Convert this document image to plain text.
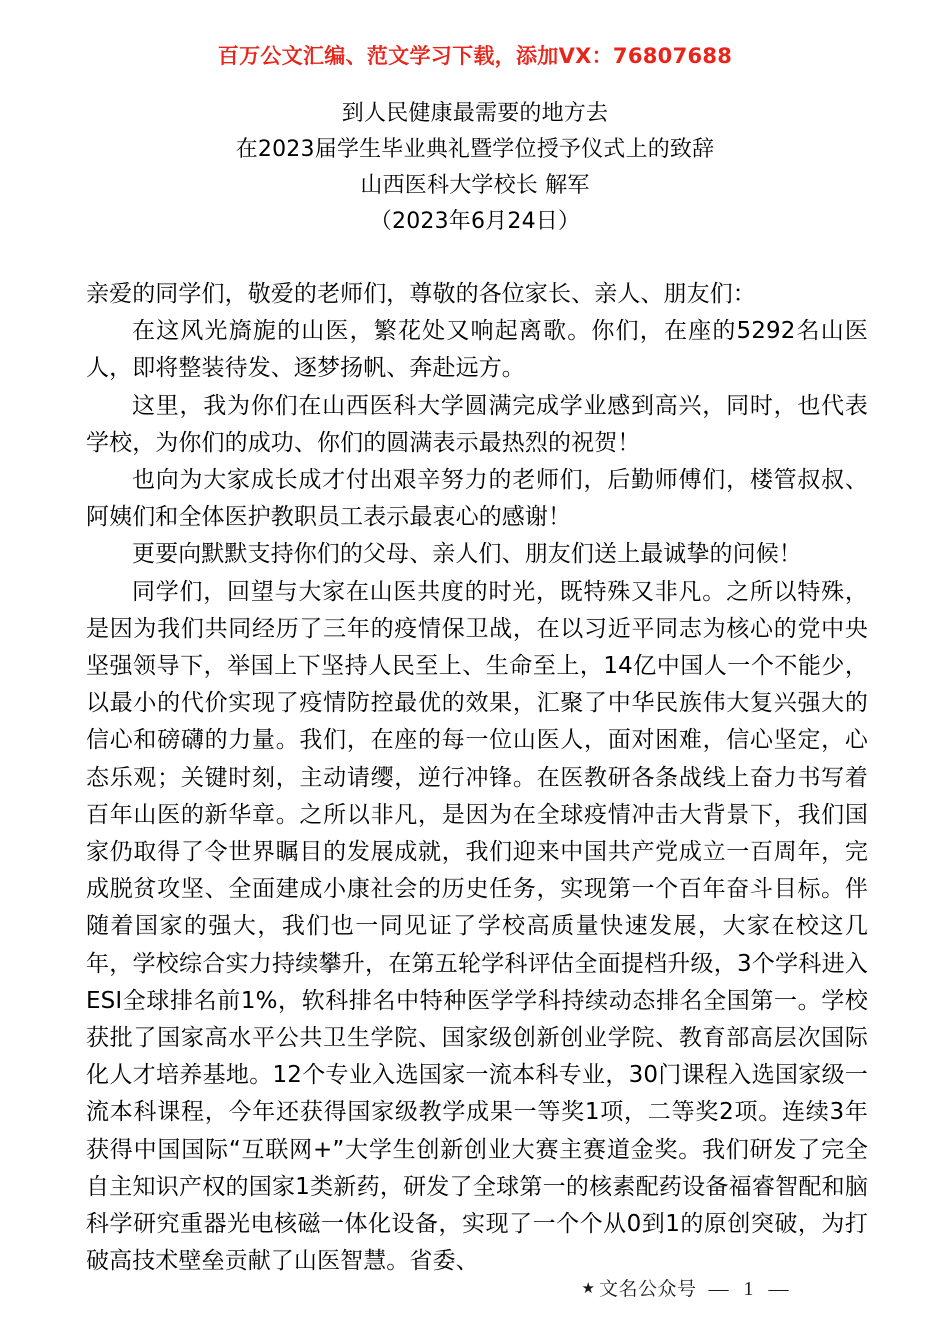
百万公文汇编、范文学习下载，添加VX：76807688
到人民健康最需要的地方去
在2023届学生毕业典礼暨学位授予仪式上的致辞
山西医科大学校长 解军
（2023年6月24日）

亲爱的同学们，敬爱的老师们，尊敬的各位家长、亲人、朋友们：

在这风光旖旎的山医，繁花处又响起离歌。你们，在座的5292名山医人，即将整装待发、逐梦扬帆、奔赴远方。

这里，我为你们在山西医科大学圆满完成学业感到高兴，同时，也代表学校，为你们的成功、你们的圆满表示最热烈的祝贺！

也向为大家成长成才付出艰辛努力的老师们，后勤师傅们，楼管叔叔、阿姨们和全体医护教职员工表示最衷心的感谢！

更要向默默支持你们的父母、亲人们、朋友们送上最诚挚的问候！

同学们，回望与大家在山医共度的时光，既特殊又非凡。之所以特殊，是因为我们共同经历了三年的疫情保卫战，在以习近平同志为核心的党中央坚强领导下，举国上下坚持人民至上、生命至上，14亿中国人一个不能少，以最小的代价实现了疫情防控最优的效果，汇聚了中华民族伟大复兴强大的信心和磅礴的力量。我们，在座的每一位山医人，面对困难，信心坚定，心态乐观；关键时刻，主动请缨，逆行冲锋。在医教研各条战线上奋力书写着百年山医的新华章。之所以非凡，是因为在全球疫情冲击大背景下，我们国家仍取得了令世界瞩目的发展成就，我们迎来中国共产党成立一百周年，完成脱贫攻坚、全面建成小康社会的历史任务，实现第一个百年奋斗目标。伴随着国家的强大，我们也一同见证了学校高质量快速发展，大家在校这几年，学校综合实力持续攀升，在第五轮学科评估全面提档升级，3个学科进入ESI全球排名前1%，软科排名中特种医学学科持续动态排名全国第一。学校获批了国家高水平公共卫生学院、国家级创新创业学院、教育部高层次国际化人才培养基地。12个专业入选国家一流本科专业，30门课程入选国家级一流本科课程，今年还获得国家级教学成果一等奖1项，二等奖2项。连续3年获得中国国际“互联网+”大学生创新创业大赛主赛道金奖。我们研发了完全自主知识产权的国家1类新药，研发了全球第一的核素配药设备福睿智配和脑科学研究重器光电核磁一体化设备，实现了一个个从0到1的原创突破，为打破高技术壁垒贡献了山医智慧。省委、

★ 文名公众号 — 1 —
